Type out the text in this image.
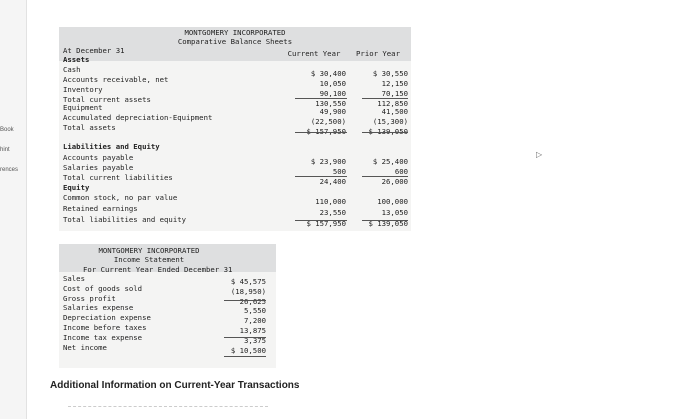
Book
hint
rences
MONTGOMERY INCORPORATED
Comparative Balance Sheets
At December 31	Current Year	Prior Year
Assets
Cash	$ 30,400	$ 30,550
Accounts receivable, net	10,050	12,150
Inventory	90,100	70,150
Total current assets	130,550	112,850
Equipment	49,900	41,500
Accumulated depreciation-Equipment	(22,500)	(15,300)
Total assets	$ 157,950	$ 139,050
Liabilities and Equity
Accounts payable	$ 23,900	$ 25,400
Salaries payable	500	600
Total current liabilities	24,400	26,000
Equity
Common stock, no par value	110,000	100,000
Retained earnings	23,550	13,050
Total liabilities and equity	$ 157,950	$ 139,050
MONTGOMERY INCORPORATED
Income Statement
For Current Year Ended December 31
Sales	$ 45,575
Cost of goods sold	(18,950)
Gross profit	26,625
Salaries expense	5,550
Depreciation expense	7,200
Income before taxes	13,875
Income tax expense	3,375
Net income	$ 10,500
Additional Information on Current-Year Transactions
▷
